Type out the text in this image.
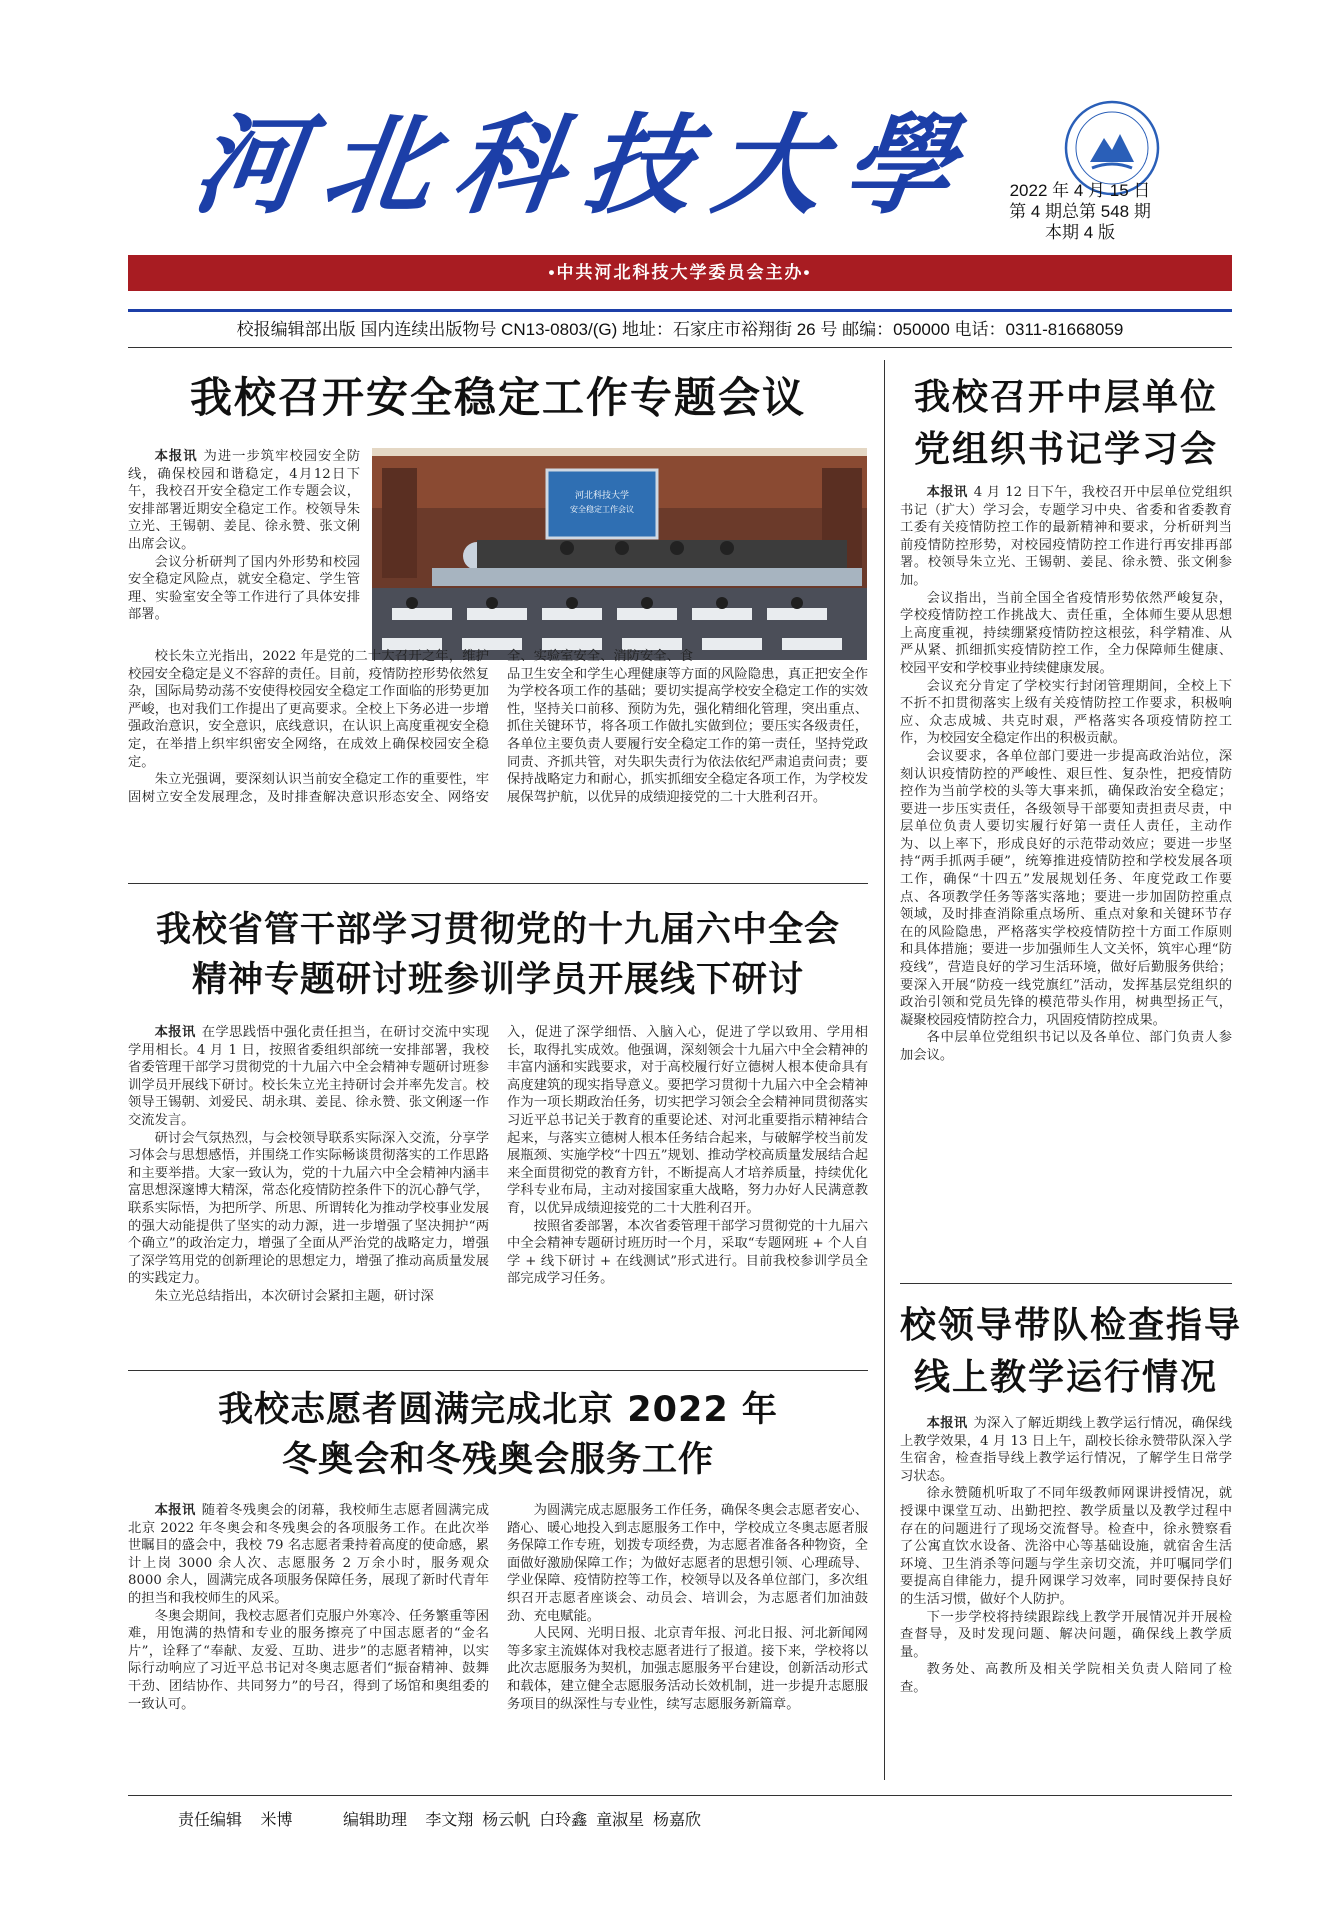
河北科技大學	2022 年 4 月 15 日
第 4 期总第 548 期
本期 4 版
•中共河北科技大学委员会主办•
校报编辑部出版 国内连续出版物号 CN13-0803/(G) 地址：石家庄市裕翔街 26 号 邮编：050000 电话：0311-81668059
我校召开安全稳定工作专题会议

本报讯 为进一步筑牢校园安全防线，确保校园和谐稳定，4月12日下午，我校召开安全稳定工作专题会议，安排部署近期安全稳定工作。校领导朱立光、王锡朝、姜昆、徐永赞、张文俐出席会议。

会议分析研判了国内外形势和校园安全稳定风险点，就安全稳定、学生管理、实验室安全等工作进行了具体安排部署。

河北科技大学
安全稳定工作会议

校长朱立光指出，2022 年是党的二十大召开之年，维护校园安全稳定是义不容辞的责任。目前，疫情防控形势依然复杂，国际局势动荡不安使得校园安全稳定工作面临的形势更加严峻，也对我们工作提出了更高要求。全校上下务必进一步增强政治意识，安全意识，底线意识，在认识上高度重视安全稳定，在举措上织牢织密安全网络，在成效上确保校园安全稳定。

朱立光强调，要深刻认识当前安全稳定工作的重要性，牢固树立安全发展理念，及时排查解决意识形态安全、网络安全、实验室安全、消防安全、食

品卫生安全和学生心理健康等方面的风险隐患，真正把安全作为学校各项工作的基础；要切实提高学校安全稳定工作的实效性，坚持关口前移、预防为先，强化精细化管理，突出重点、抓住关键环节，将各项工作做扎实做到位；要压实各级责任，各单位主要负责人要履行安全稳定工作的第一责任，坚持党政同责、齐抓共管，对失职失责行为依法依纪严肃追责问责；要保持战略定力和耐心，抓实抓细安全稳定各项工作，为学校发展保驾护航，以优异的成绩迎接党的二十大胜利召开。

我校召开中层单位
党组织书记学习会

本报讯 4 月 12 日下午，我校召开中层单位党组织书记（扩大）学习会，专题学习中央、省委和省委教育工委有关疫情防控工作的最新精神和要求，分析研判当前疫情防控形势，对校园疫情防控工作进行再安排再部署。校领导朱立光、王锡朝、姜昆、徐永赞、张文俐参加。

会议指出，当前全国全省疫情形势依然严峻复杂，学校疫情防控工作挑战大、责任重，全体师生要从思想上高度重视，持续绷紧疫情防控这根弦，科学精准、从严从紧、抓细抓实疫情防控工作，全力保障师生健康、校园平安和学校事业持续健康发展。

会议充分肯定了学校实行封闭管理期间，全校上下不折不扣贯彻落实上级有关疫情防控工作要求，积极响应、众志成城、共克时艰，严格落实各项疫情防控工作，为校园安全稳定作出的积极贡献。

会议要求，各单位部门要进一步提高政治站位，深刻认识疫情防控的严峻性、艰巨性、复杂性，把疫情防控作为当前学校的头等大事来抓，确保政治安全稳定；要进一步压实责任，各级领导干部要知责担责尽责，中层单位负责人要切实履行好第一责任人责任，主动作为、以上率下，形成良好的示范带动效应；要进一步坚持“两手抓两手硬”，统筹推进疫情防控和学校发展各项工作，确保“十四五”发展规划任务、年度党政工作要点、各项教学任务等落实落地；要进一步加固防控重点领域，及时排查消除重点场所、重点对象和关键环节存在的风险隐患，严格落实学校疫情防控十方面工作原则和具体措施；要进一步加强师生人文关怀，筑牢心理“防疫线”，营造良好的学习生活环境，做好后勤服务供给；要深入开展“防疫一线党旗红”活动，发挥基层党组织的政治引领和党员先锋的模范带头作用，树典型扬正气，凝聚校园疫情防控合力，巩固疫情防控成果。

各中层单位党组织书记以及各单位、部门负责人参加会议。

我校省管干部学习贯彻党的十九届六中全会
精神专题研讨班参训学员开展线下研讨

本报讯 在学思践悟中强化责任担当，在研讨交流中实现学用相长。4 月 1 日，按照省委组织部统一安排部署，我校省委管理干部学习贯彻党的十九届六中全会精神专题研讨班参训学员开展线下研讨。校长朱立光主持研讨会并率先发言。校领导王锡朝、刘爱民、胡永琪、姜昆、徐永赞、张文俐逐一作交流发言。

研讨会气氛热烈，与会校领导联系实际深入交流，分享学习体会与思想感悟，并围绕工作实际畅谈贯彻落实的工作思路和主要举措。大家一致认为，党的十九届六中全会精神内涵丰富思想深邃博大精深，常态化疫情防控条件下的沉心静气学，联系实际悟，为把所学、所思、所谓转化为推动学校事业发展的强大动能提供了坚实的动力源，进一步增强了坚决拥护“两个确立”的政治定力，增强了全面从严治党的战略定力，增强了深学笃用党的创新理论的思想定力，增强了推动高质量发展的实践定力。

朱立光总结指出，本次研讨会紧扣主题，研讨深

入，促进了深学细悟、入脑入心，促进了学以致用、学用相长，取得扎实成效。他强调，深刻领会十九届六中全会精神的丰富内涵和实践要求，对于高校履行好立德树人根本使命具有高度建筑的现实指导意义。要把学习贯彻十九届六中全会精神作为一项长期政治任务，切实把学习领会全会精神同贯彻落实习近平总书记关于教育的重要论述、对河北重要指示精神结合起来，与落实立德树人根本任务结合起来，与破解学校当前发展瓶颈、实施学校“十四五”规划、推动学校高质量发展结合起来全面贯彻党的教育方针，不断提高人才培养质量，持续优化学科专业布局，主动对接国家重大战略，努力办好人民满意教育，以优异成绩迎接党的二十大胜利召开。

按照省委部署，本次省委管理干部学习贯彻党的十九届六中全会精神专题研讨班历时一个月，采取“专题网班 + 个人自学 + 线下研讨 + 在线测试”形式进行。目前我校参训学员全部完成学习任务。

我校志愿者圆满完成北京 2022 年
冬奥会和冬残奥会服务工作

本报讯 随着冬残奥会的闭幕，我校师生志愿者圆满完成北京 2022 年冬奥会和冬残奥会的各项服务工作。在此次举世瞩目的盛会中，我校 79 名志愿者秉持着高度的使命感，累计上岗 3000 余人次、志愿服务 2 万余小时，服务观众 8000 余人，圆满完成各项服务保障任务，展现了新时代青年的担当和我校师生的风采。

冬奥会期间，我校志愿者们克服户外寒冷、任务繁重等困难，用饱满的热情和专业的服务擦亮了中国志愿者的“金名片”，诠释了“奉献、友爱、互助、进步”的志愿者精神，以实际行动响应了习近平总书记对冬奥志愿者们“振奋精神、鼓舞干劲、团结协作、共同努力”的号召，得到了场馆和奥组委的一致认可。

为圆满完成志愿服务工作任务，确保冬奥会志愿者安心、踏心、暖心地投入到志愿服务工作中，学校成立冬奥志愿者服务保障工作专班，划拨专项经费，为志愿者准备各种物资，全面做好激励保障工作；为做好志愿者的思想引领、心理疏导、学业保障、疫情防控等工作，校领导以及各单位部门，多次组织召开志愿者座谈会、动员会、培训会，为志愿者们加油鼓劲、充电赋能。

人民网、光明日报、北京青年报、河北日报、河北新闻网等多家主流媒体对我校志愿者进行了报道。接下来，学校将以此次志愿服务为契机，加强志愿服务平台建设，创新活动形式和载体，建立健全志愿服务活动长效机制，进一步提升志愿服务项目的纵深性与专业性，续写志愿服务新篇章。

校领导带队检查指导
线上教学运行情况

本报讯 为深入了解近期线上教学运行情况，确保线上教学效果，4 月 13 日上午，副校长徐永赞带队深入学生宿舍，检查指导线上教学运行情况，了解学生日常学习状态。

徐永赞随机听取了不同年级教师网课讲授情况，就授课中课堂互动、出勤把控、教学质量以及教学过程中存在的问题进行了现场交流督导。检查中，徐永赞察看了公寓直饮水设备、洗浴中心等基础设施，就宿舍生活环境、卫生消杀等问题与学生亲切交流，并叮嘱同学们要提高自律能力，提升网课学习效率，同时要保持良好的生活习惯，做好个人防护。

下一步学校将持续跟踪线上教学开展情况并开展检查督导，及时发现问题、解决问题，确保线上教学质量。

教务处、高教所及相关学院相关负责人陪同了检查。

责任编辑 米博	编辑助理 李文翔  杨云帆  白玲鑫  童淑星  杨嘉欣
